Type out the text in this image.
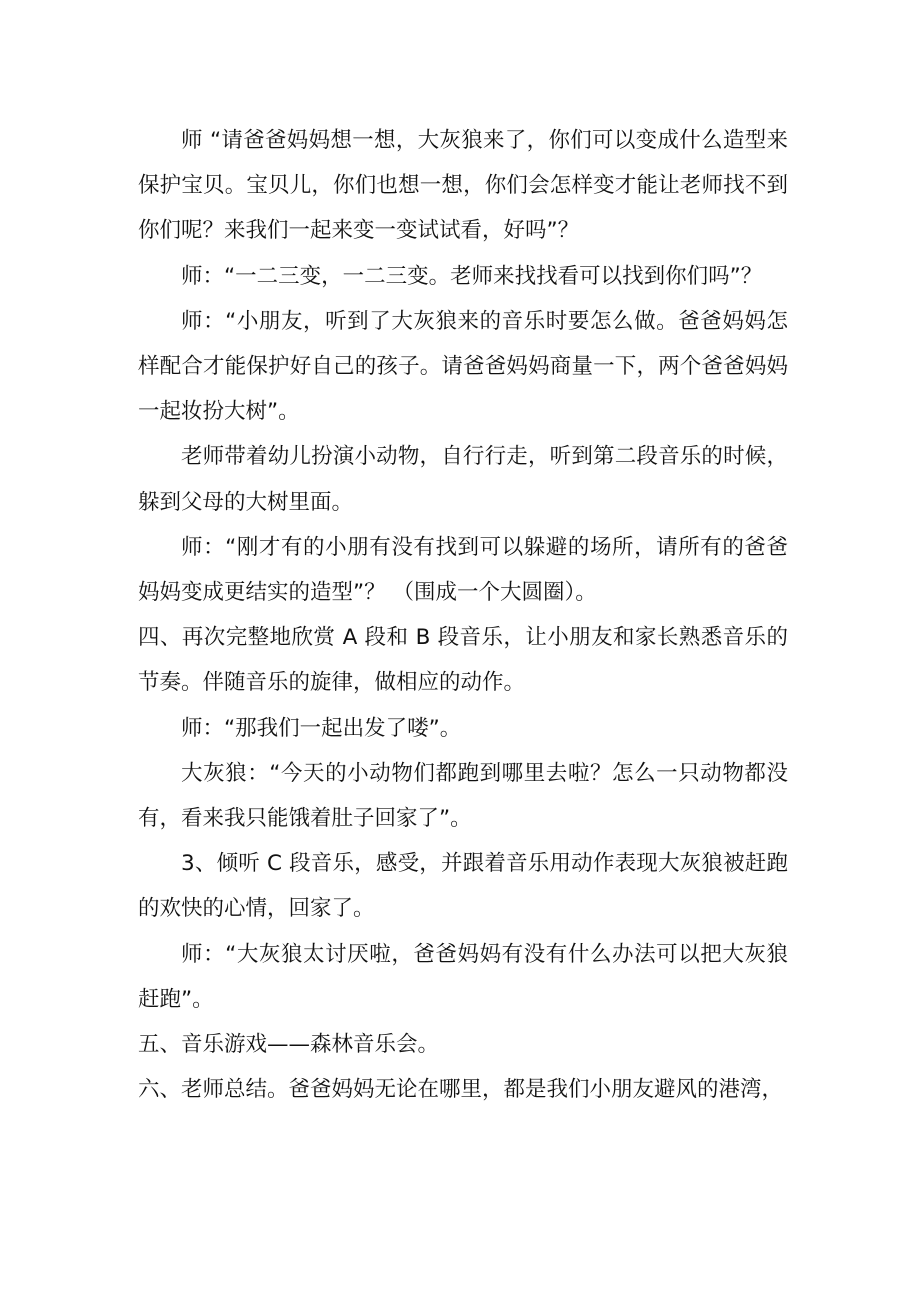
师 “请爸爸妈妈想一想，大灰狼来了，你们可以变成什么造型来保护宝贝。宝贝儿，你们也想一想，你们会怎样变才能让老师找不到你们呢？来我们一起来变一变试试看，好吗”？

师：“一二三变，一二三变。老师来找找看可以找到你们吗”？

师：“小朋友，听到了大灰狼来的音乐时要怎么做。爸爸妈妈怎样配合才能保护好自己的孩子。请爸爸妈妈商量一下，两个爸爸妈妈一起妆扮大树”。

老师带着幼儿扮演小动物，自行行走，听到第二段音乐的时候，躲到父母的大树里面。

师：“刚才有的小朋有没有找到可以躲避的场所，请所有的爸爸妈妈变成更结实的造型”？ （围成一个大圆圈）。

四、再次完整地欣赏 A 段和 B 段音乐，让小朋友和家长熟悉音乐的节奏。伴随音乐的旋律，做相应的动作。

师：“那我们一起出发了喽”。

大灰狼：“今天的小动物们都跑到哪里去啦？怎么一只动物都没有，看来我只能饿着肚子回家了”。

3、倾听 C 段音乐，感受，并跟着音乐用动作表现大灰狼被赶跑的欢快的心情，回家了。

师：“大灰狼太讨厌啦，爸爸妈妈有没有什么办法可以把大灰狼赶跑”。

五、音乐游戏——森林音乐会。

六、老师总结。爸爸妈妈无论在哪里，都是我们小朋友避风的港湾，
